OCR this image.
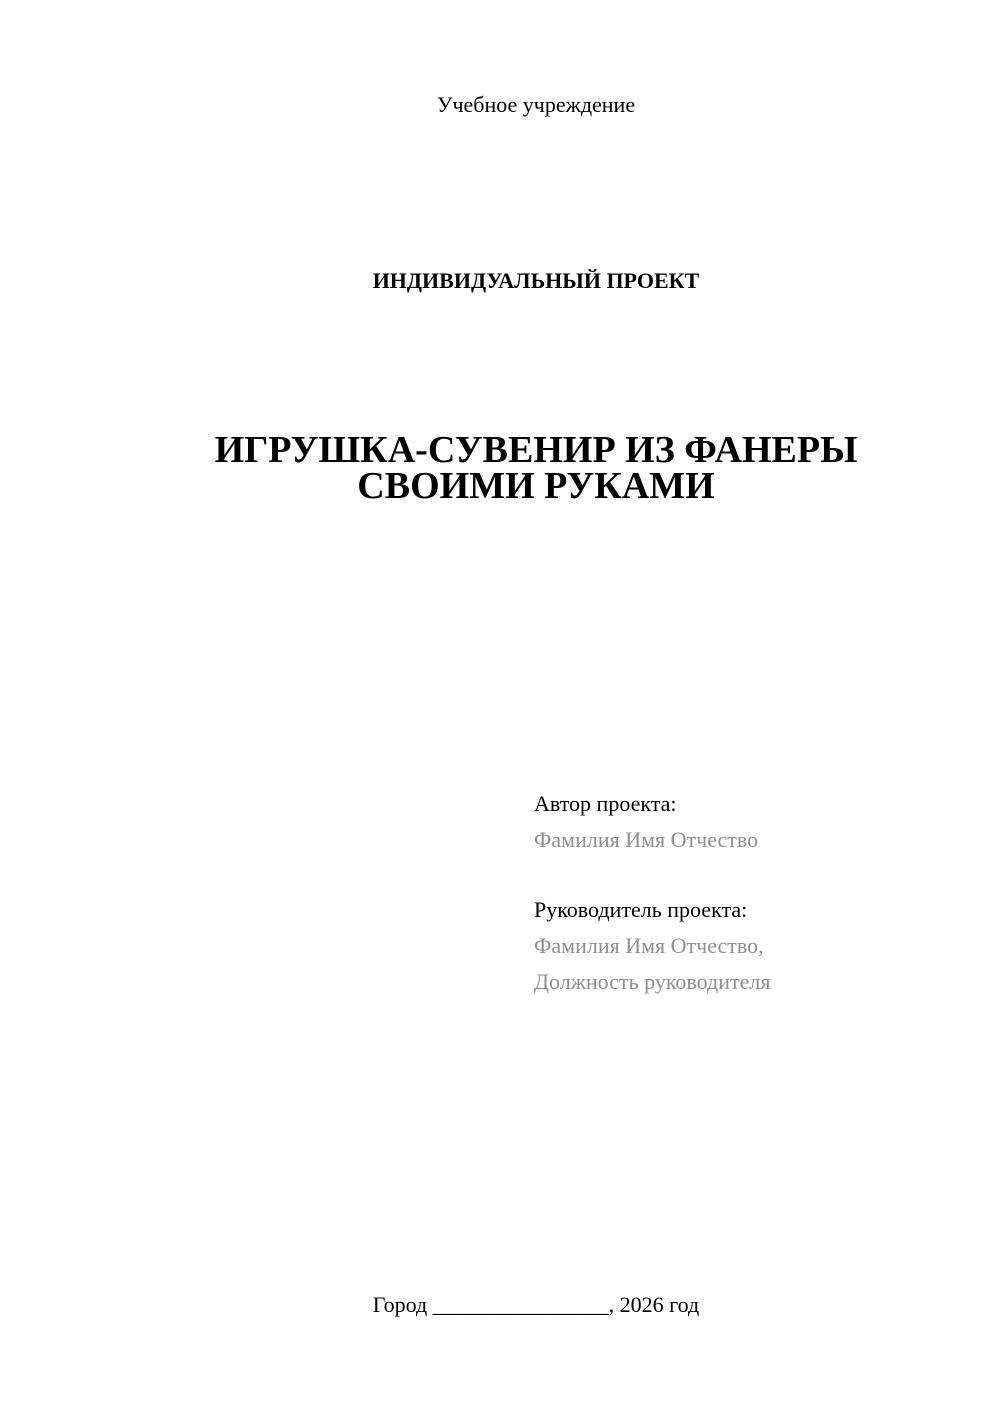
Учебное учреждение
ИНДИВИДУАЛЬНЫЙ ПРОЕКТ
ИГРУШКА-СУВЕНИР ИЗ ФАНЕРЫ
СВОИМИ РУКАМИ
Автор проекта:
Фамилия Имя Отчество
Руководитель проекта:
Фамилия Имя Отчество,
Должность руководителя
Город ________________, 2026 год
